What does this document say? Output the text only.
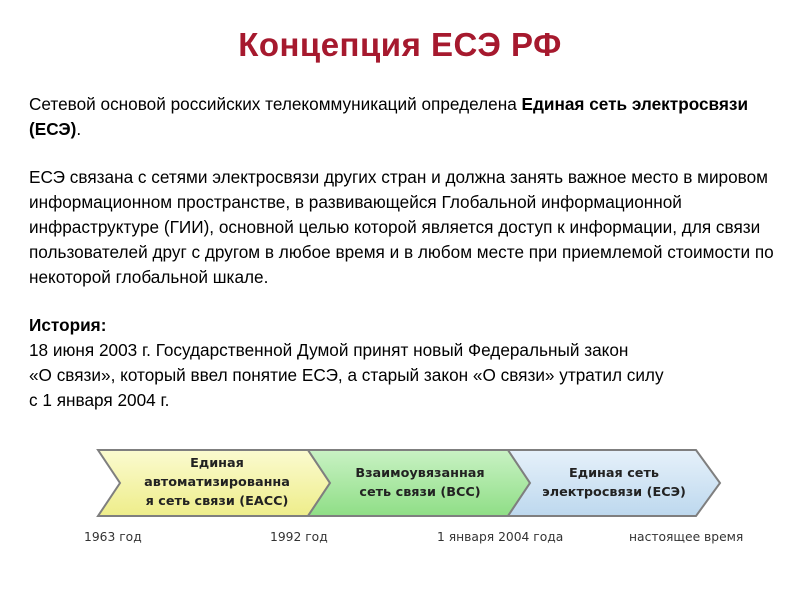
Концепция ЕСЭ РФ

Сетевой основой российских телекоммуникаций определена Единая сеть электросвязи (ЕСЭ).

ЕСЭ связана с сетями электросвязи других стран и должна занять важное место в мировом информационном пространстве, в развивающейся Глобальной информационной инфраструктуре (ГИИ), основной целью которой является доступ к информации, для связи пользователей друг с другом в любое время и в любом месте при приемлемой стоимости по некоторой глобальной шкале.

История:
18 июня 2003 г. Государственной Думой принят новый Федеральный закон
«О связи», который ввел понятие ЕСЭ, а старый закон «О связи» утратил силу
с 1 января 2004 г.

Единая
автоматизированна
я сеть связи (ЕАСС)
Взаимоувязанная
сеть связи (ВСС)
Единая сеть
электросвязи (ЕСЭ)
1963 год	1992 год	1 января 2004 года	настоящее время
